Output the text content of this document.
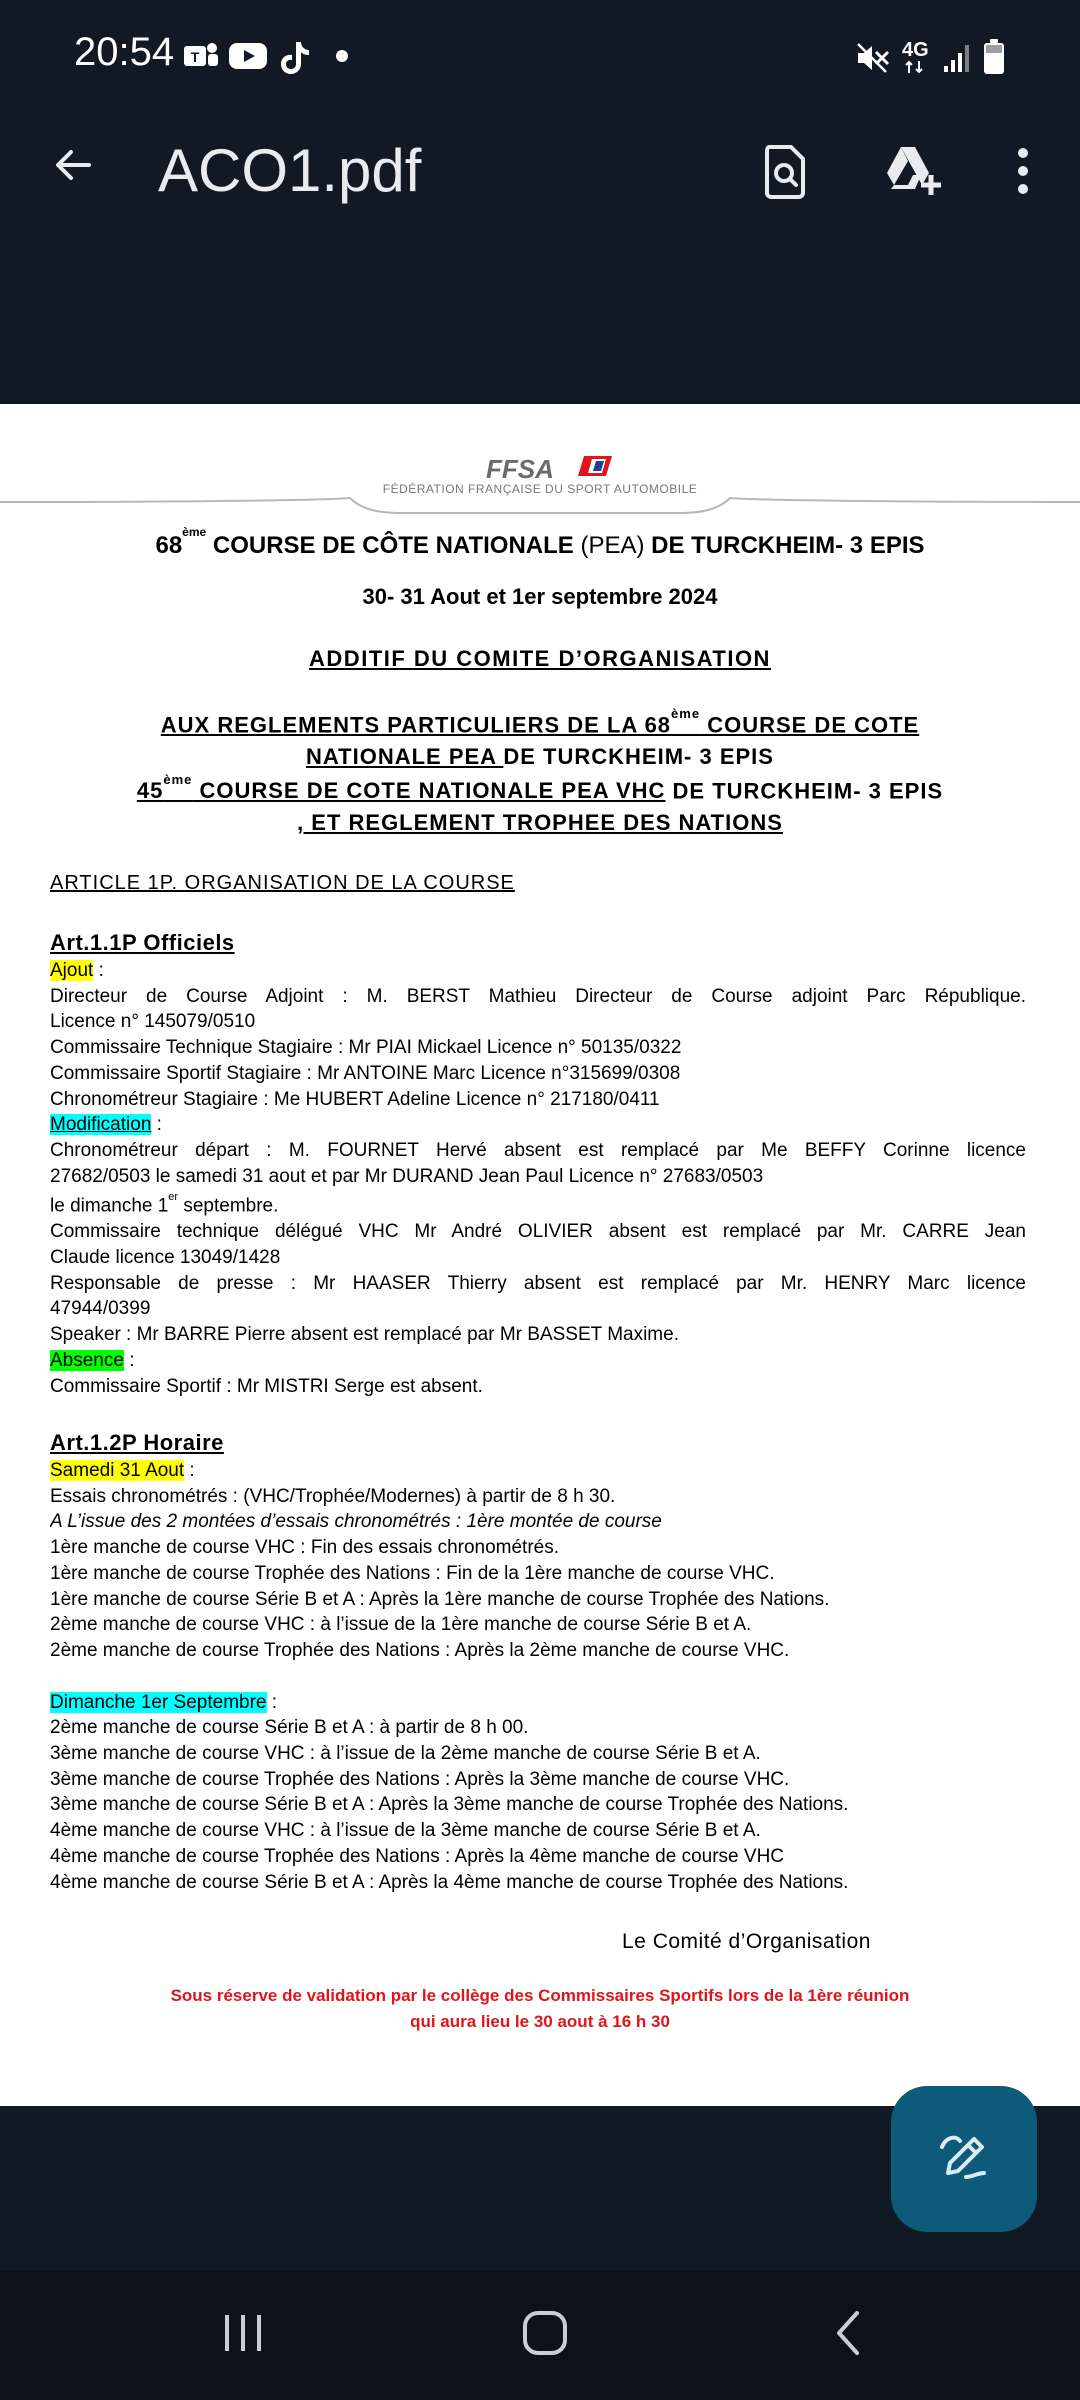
20:54 T	4G
ACO1.pdf
FFSA
FÉDÉRATION FRANÇAISE DU SPORT AUTOMOBILE
68ème COURSE DE CÔTE NATIONALE (PEA) DE TURCKHEIM- 3 EPIS
30- 31 Aout et 1er septembre 2024
ADDITIF DU COMITE D’ORGANISATION
AUX REGLEMENTS PARTICULIERS DE LA 68ème COURSE DE COTE
NATIONALE PEA DE TURCKHEIM- 3 EPIS
45ème COURSE DE COTE NATIONALE PEA VHC DE TURCKHEIM- 3 EPIS
, ET REGLEMENT TROPHEE DES NATIONS
ARTICLE 1P. ORGANISATION DE LA COURSE

Art.1.1P Officiels

Ajout :

Directeur de Course Adjoint : M. BERST Mathieu Directeur de Course adjoint Parc République.

Licence n° 145079/0510

Commissaire Technique Stagiaire : Mr PIAI Mickael Licence n° 50135/0322

Commissaire Sportif Stagiaire : Mr ANTOINE Marc Licence n°315699/0308

Chronométreur Stagiaire : Me HUBERT Adeline Licence n° 217180/0411

Modification :

Chronométreur départ : M. FOURNET Hervé absent est remplacé par Me BEFFY Corinne licence

27682/0503 le samedi 31 aout et par Mr DURAND Jean Paul Licence n° 27683/0503

le dimanche 1er septembre.

Commissaire technique délégué VHC Mr André OLIVIER absent est remplacé par Mr. CARRE Jean

Claude licence 13049/1428

Responsable de presse : Mr HAASER Thierry absent est remplacé par Mr. HENRY Marc licence

47944/0399

Speaker : Mr BARRE Pierre absent est remplacé par Mr BASSET Maxime.

Absence :

Commissaire Sportif : Mr MISTRI Serge est absent.

Art.1.2P Horaire

Samedi 31 Aout :

Essais chronométrés : (VHC/Trophée/Modernes) à partir de 8 h 30.

A L’issue des 2 montées d’essais chronométrés : 1ère montée de course

1ère manche de course VHC : Fin des essais chronométrés.

1ère manche de course Trophée des Nations : Fin de la 1ère manche de course VHC.

1ère manche de course Série B et A : Après la 1ère manche de course Trophée des Nations.

2ème manche de course VHC : à l’issue de la 1ère manche de course Série B et A.

2ème manche de course Trophée des Nations : Après la 2ème manche de course VHC.

Dimanche 1er Septembre :

2ème manche de course Série B et A : à partir de 8 h 00.

3ème manche de course VHC : à l’issue de la 2ème manche de course Série B et A.

3ème manche de course Trophée des Nations : Après la 3ème manche de course VHC.

3ème manche de course Série B et A : Après la 3ème manche de course Trophée des Nations.

4ème manche de course VHC : à l’issue de la 3ème manche de course Série B et A.

4ème manche de course Trophée des Nations : Après la 4ème manche de course VHC

4ème manche de course Série B et A : Après la 4ème manche de course Trophée des Nations.

Le Comité d’Organisation
Sous réserve de validation par le collège des Commissaires Sportifs lors de la 1ère réunion
qui aura lieu le 30 aout à 16 h 30
